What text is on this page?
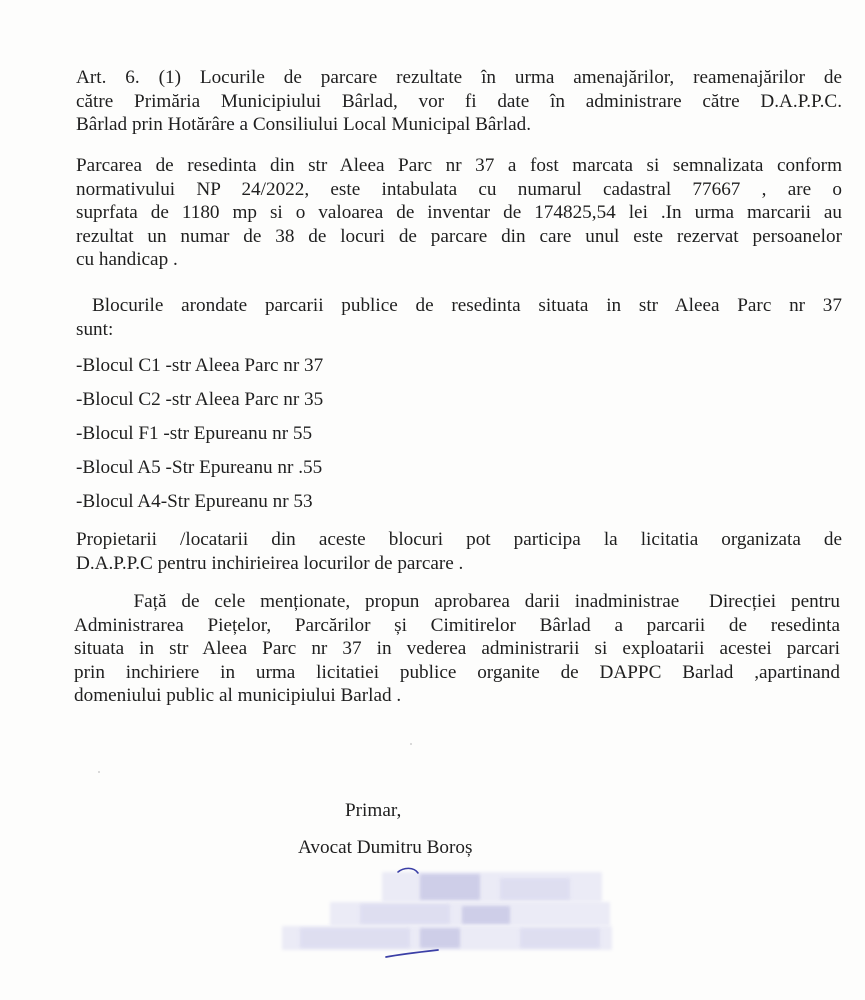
Art. 6. (1) Locurile de parcare rezultate în urma amenajărilor, reamenajărilor de
către Primăria Municipiului Bârlad, vor fi date în administrare către D.A.P.P.C.
Bârlad prin Hotărâre a Consiliului Local Municipal Bârlad.
Parcarea de resedinta din str Aleea Parc nr 37 a fost marcata si semnalizata conform
normativului NP 24/2022, este intabulata cu numarul cadastral 77667 , are o
suprfata de 1180 mp si o valoarea de inventar de 174825,54 lei .In urma marcarii au
rezultat un numar de 38 de locuri de parcare din care unul este rezervat persoanelor
cu handicap .
Blocurile arondate parcarii publice de resedinta situata in str Aleea Parc nr 37
sunt:

-Blocul C1 -str Aleea Parc nr 37

-Blocul C2 -str Aleea Parc nr 35

-Blocul F1 -str Epureanu nr 55

-Blocul A5 -Str Epureanu nr .55

-Blocul A4-Str Epureanu nr 53

Propietarii /locatarii din aceste blocuri pot participa la licitatia organizata de
D.A.P.P.C pentru inchirieirea locurilor de parcare .
Față de cele menționate, propun aprobarea darii inadministrae  Direcției pentru
Administrarea Piețelor, Parcărilor și Cimitirelor Bârlad a parcarii de resedinta
situata in str Aleea Parc nr 37 in vederea administrarii si exploatarii acestei parcari
prin inchiriere in urma licitatiei publice organite de DAPPC Barlad ,apartinand
domeniului public al municipiului Barlad .

Primar,

Avocat Dumitru Boroș
